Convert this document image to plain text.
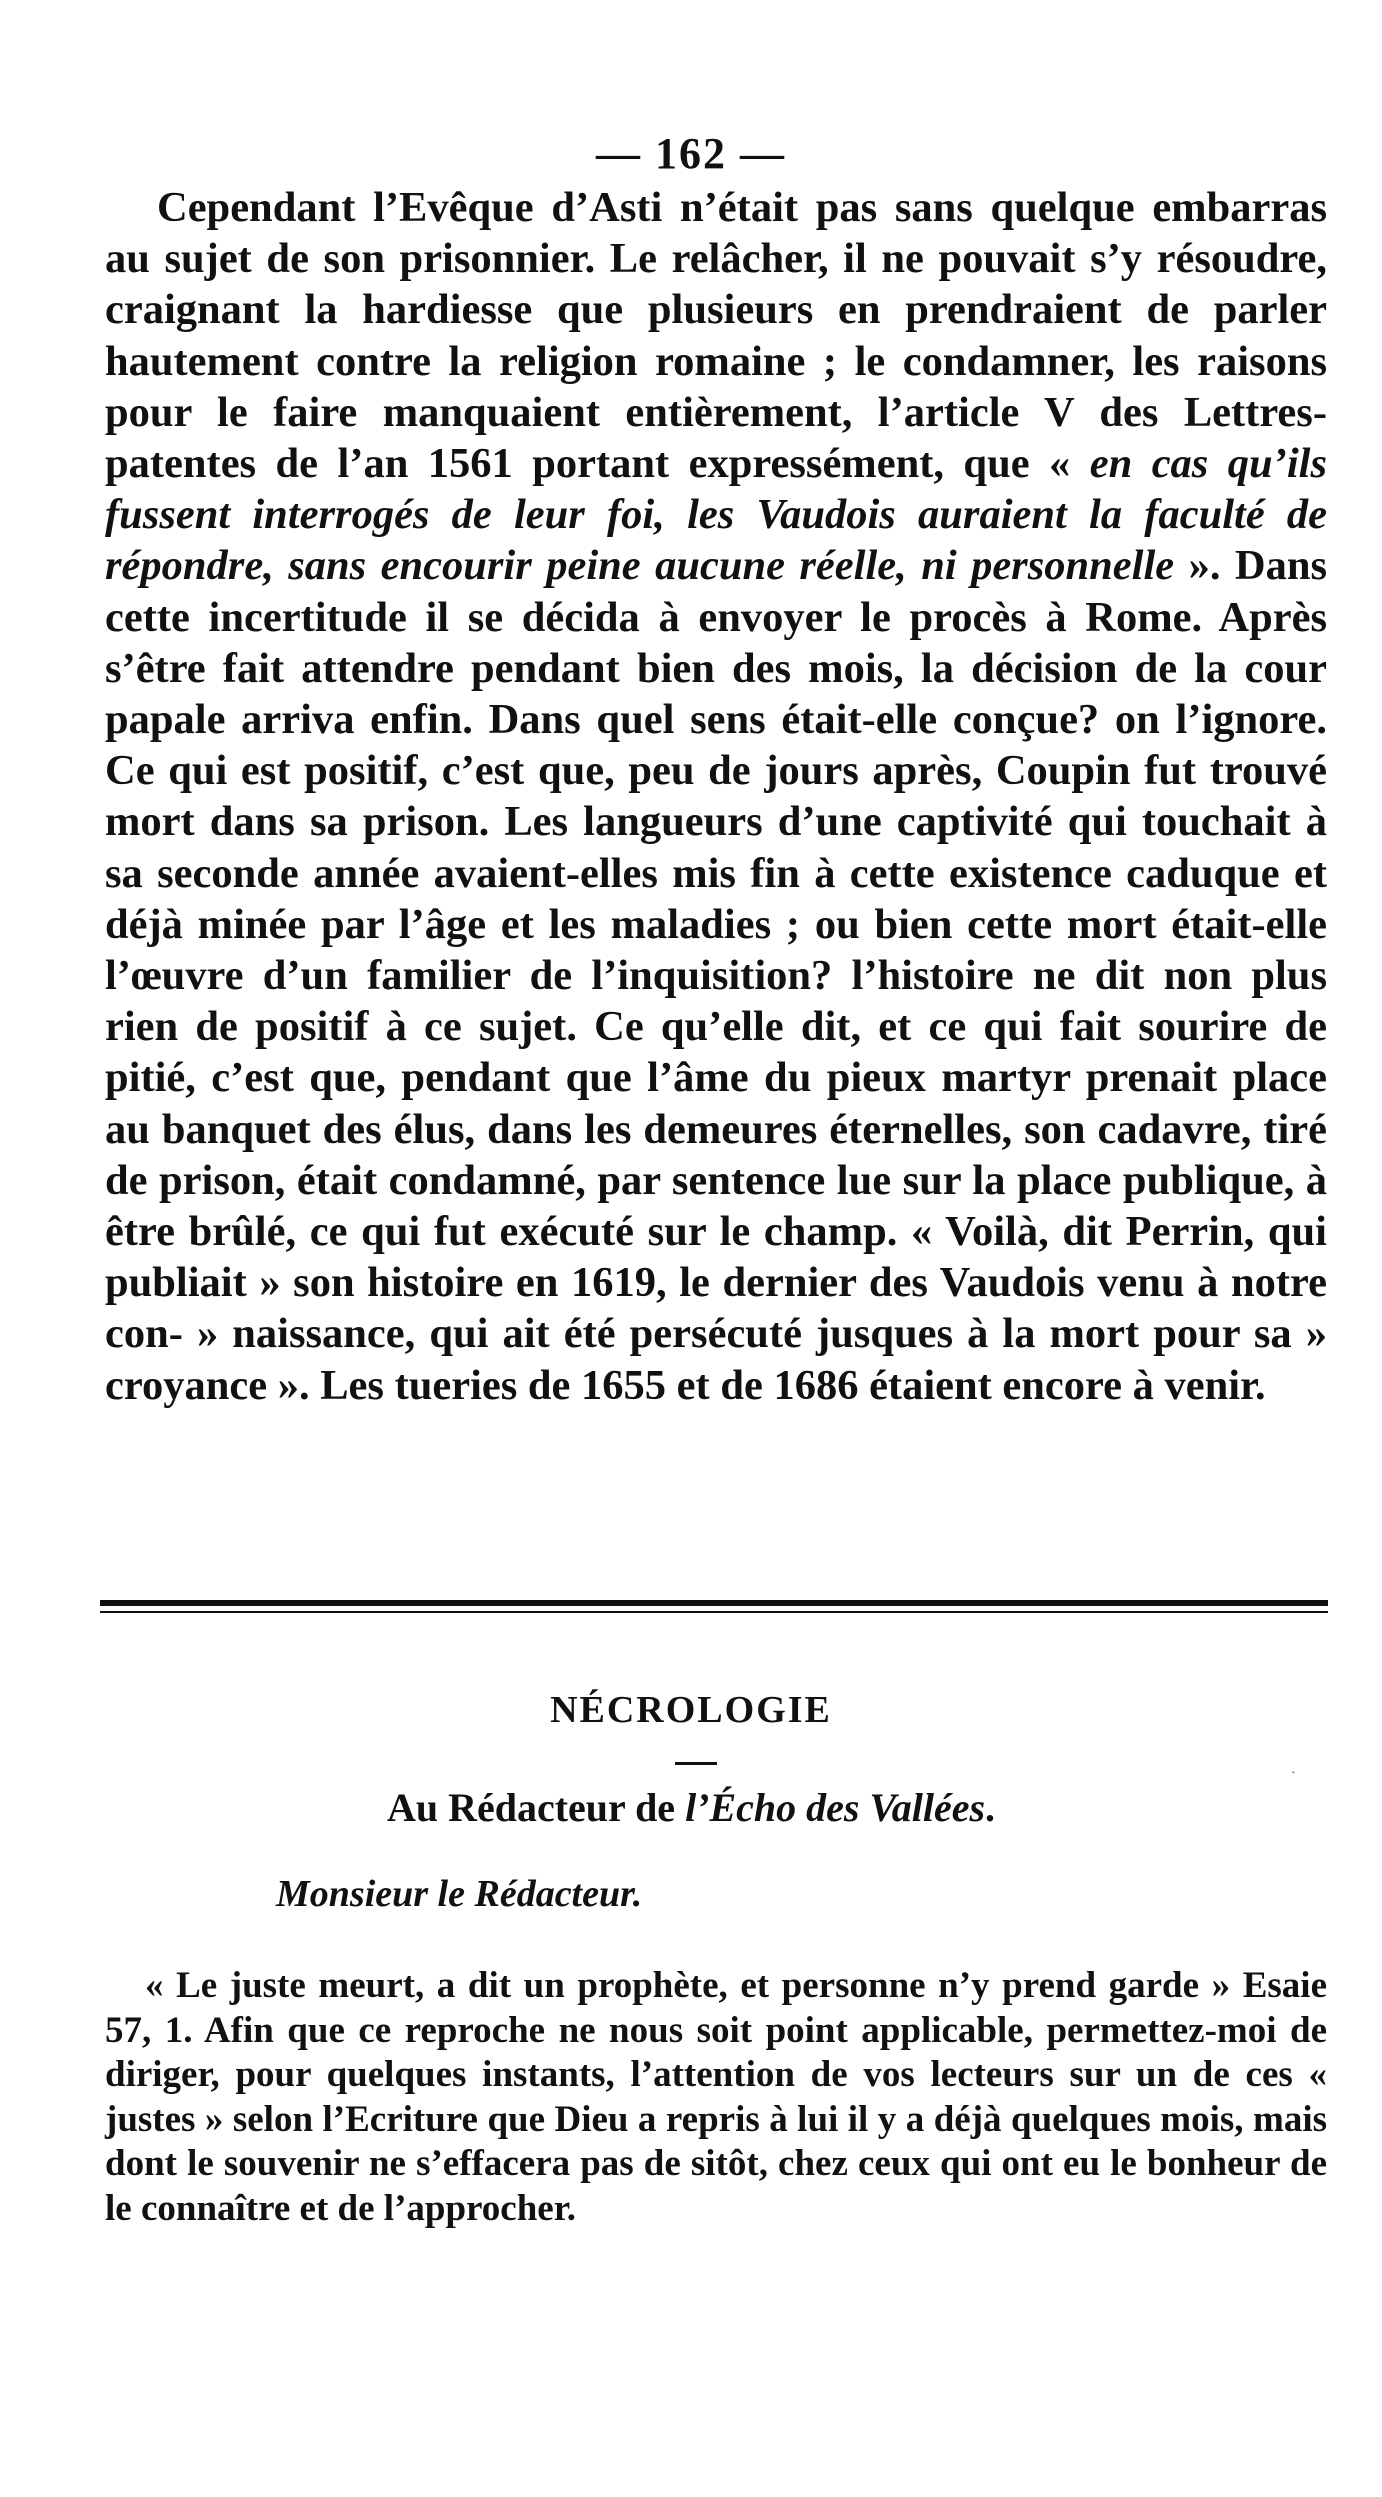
— 162 —

Cependant l’Evêque d’Asti n’était pas sans quelque embarras au sujet de son prisonnier. Le relâcher, il ne pouvait s’y résoudre, craignant la hardiesse que plusieurs en prendraient de parler hautement contre la religion romaine ; le condamner, les raisons pour le faire manquaient entièrement, l’article V des Lettres-patentes de l’an 1561 portant expressément, que « en cas qu’ils fussent interrogés de leur foi, les Vaudois auraient la faculté de répondre, sans encourir peine aucune réelle, ni personnelle ». Dans cette incertitude il se décida à envoyer le procès à Rome. Après s’être fait attendre pendant bien des mois, la décision de la cour papale arriva enfin. Dans quel sens était-elle conçue? on l’ignore. Ce qui est positif, c’est que, peu de jours après, Coupin fut trouvé mort dans sa prison. Les langueurs d’une captivité qui touchait à sa seconde année avaient-elles mis fin à cette existence caduque et déjà minée par l’âge et les maladies ; ou bien cette mort était-elle l’œuvre d’un familier de l’inquisition? l’histoire ne dit non plus rien de positif à ce sujet. Ce qu’elle dit, et ce qui fait sourire de pitié, c’est que, pendant que l’âme du pieux martyr prenait place au banquet des élus, dans les demeures éternelles, son cadavre, tiré de prison, était condamné, par sentence lue sur la place publique, à être brûlé, ce qui fut exécuté sur le champ. « Voilà, dit Perrin, qui publiait » son histoire en 1619, le dernier des Vaudois venu à notre con- » naissance, qui ait été persécuté jusques à la mort pour sa » croyance ». Les tueries de 1655 et de 1686 étaient encore à venir.

NÉCROLOGIE
Au Rédacteur de l’Écho des Vallées.
Monsieur le Rédacteur.

« Le juste meurt, a dit un prophète, et personne n’y prend garde » Esaie 57, 1. Afin que ce reproche ne nous soit point applicable, permettez-moi de diriger, pour quelques instants, l’attention de vos lecteurs sur un de ces « justes » selon l’Ecriture que Dieu a repris à lui il y a déjà quelques mois, mais dont le souvenir ne s’effacera pas de sitôt, chez ceux qui ont eu le bonheur de le connaître et de l’approcher.

·
